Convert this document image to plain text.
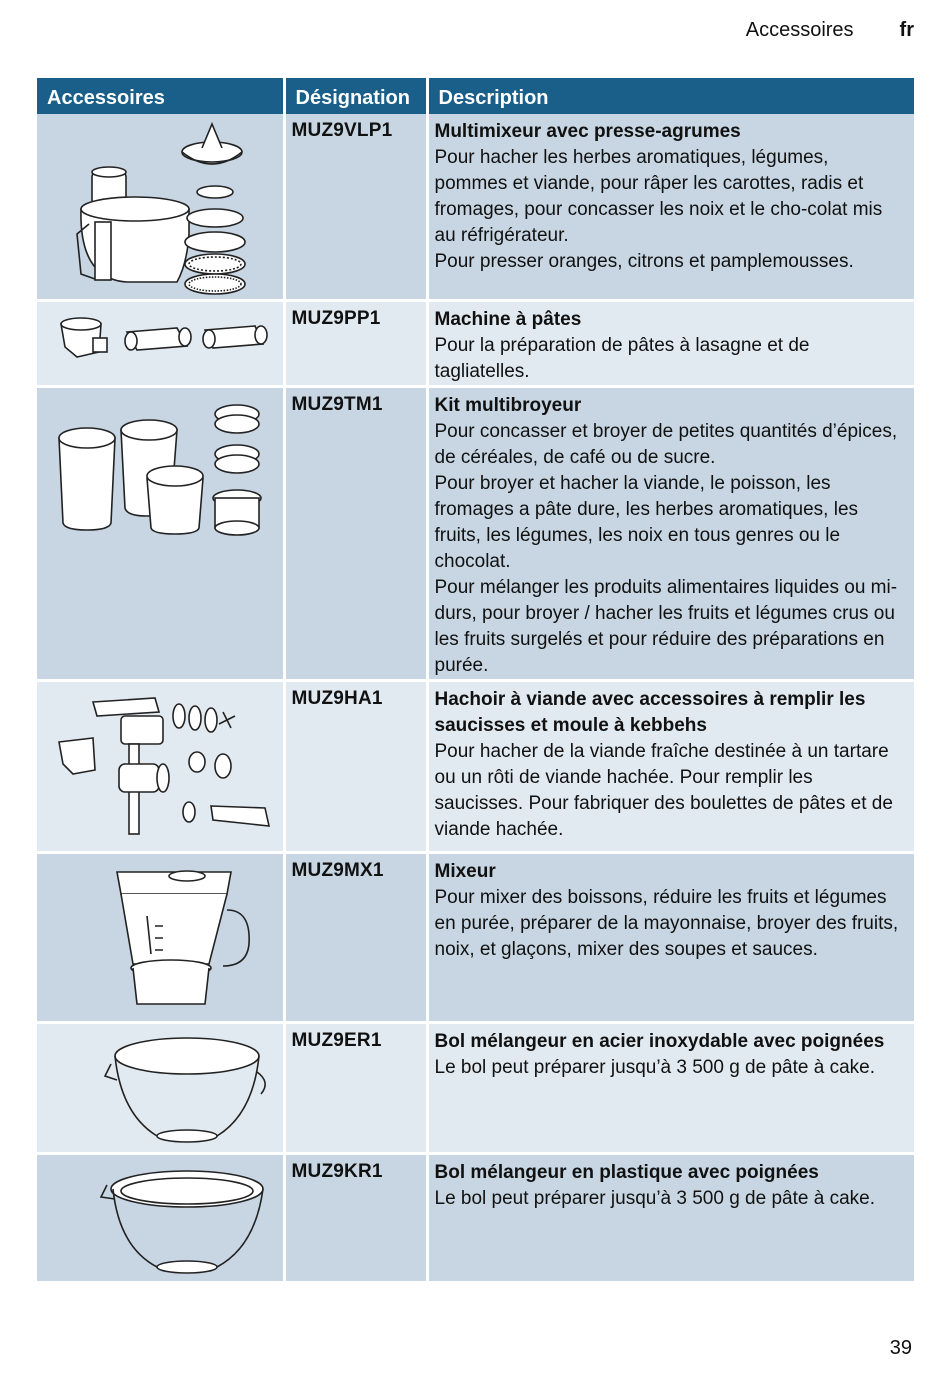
Accessoires fr
Accessoires	Désignation	Description

	MUZ9VLP1	Multimixeur avec presse-agrumes
Pour hacher les herbes aromatiques, légumes, pommes et viande, pour râper les carottes, radis et fromages, pour concasser les noix et le cho-colat mis au réfrigérateur.
Pour presser oranges, citrons et pamplemousses.

	MUZ9PP1	Machine à pâtes
Pour la préparation de pâtes à lasagne et de tagliatelles.

	MUZ9TM1	Kit multibroyeur
Pour concasser et broyer de petites quantités d’épices, de céréales, de café ou de sucre.
Pour broyer et hacher la viande, le poisson, les fromages a pâte dure, les herbes aromatiques, les fruits, les légumes, les noix en tous genres ou le chocolat.
Pour mélanger les produits alimentaires liquides ou mi-durs, pour broyer / hacher les fruits et légumes crus ou les fruits surgelés et pour réduire des préparations en purée.

	MUZ9HA1	Hachoir à viande avec accessoires à remplir les saucisses et moule à kebbehs
Pour hacher de la viande fraîche destinée à un tartare ou un rôti de viande hachée. Pour remplir les saucisses. Pour fabriquer des boulettes de pâtes et de viande hachée.

	MUZ9MX1	Mixeur
Pour mixer des boissons, réduire les fruits et légumes en purée, préparer de la mayonnaise, broyer des fruits, noix, et glaçons, mixer des soupes et sauces.

	MUZ9ER1	Bol mélangeur en acier inoxydable avec poignées
Le bol peut préparer jusqu’à 3 500 g de pâte à cake.

	MUZ9KR1	Bol mélangeur en plastique avec poignées
Le bol peut préparer jusqu’à 3 500 g de pâte à cake.
39
